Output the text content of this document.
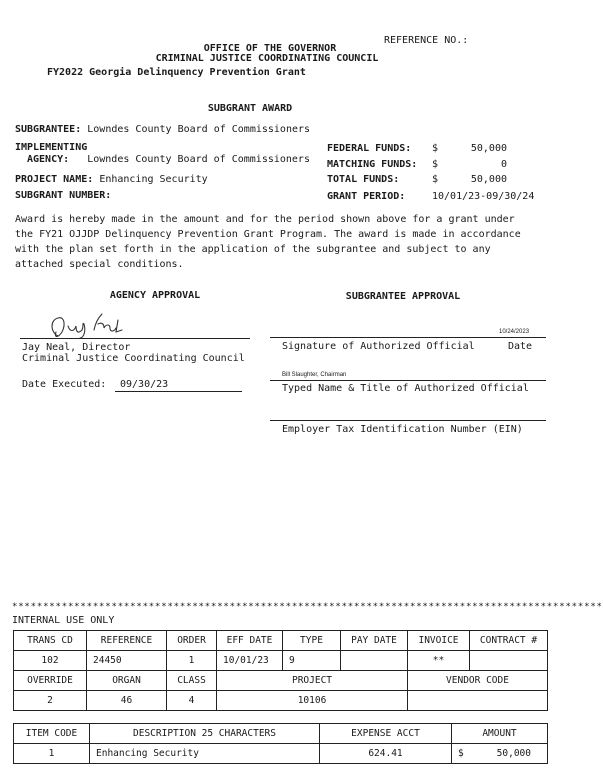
REFERENCE NO.:
OFFICE OF THE GOVERNOR
CRIMINAL JUSTICE COORDINATING COUNCIL
FY2022 Georgia Delinquency Prevention Grant
SUBGRANT AWARD
SUBGRANTEE: Lowndes County Board of Commissioners
IMPLEMENTING
AGENCY: Lowndes County Board of Commissioners
PROJECT NAME: Enhancing Security
SUBGRANT NUMBER:
FEDERAL FUNDS: $	50,000
MATCHING FUNDS: $	0
TOTAL FUNDS:	$	50,000
GRANT PERIOD:	10/01/23-09/30/24
Award is hereby made in the amount and for the period shown above for a grant under the FY21 OJJDP Delinquency Prevention Grant Program. The award is made in accordance with the plan set forth in the application of the subgrantee and subject to any attached special conditions.
AGENCY APPROVAL	SUBGRANTEE APPROVAL
Jay Neal, Director
Criminal Justice Coordinating Council
Date Executed: 09/30/23
10/24/2023
Signature of Authorized Official	Date
Bill Slaughter, Chairman
Typed Name & Title of Authorized Official
Employer Tax Identification Number (EIN)
***********************************************************************************************
INTERNAL USE ONLY
TRANS CD	REFERENCE	ORDER	EFF DATE	TYPE	PAY DATE	INVOICE	CONTRACT #
102	24450	1	10/01/23	9		**	
OVERRIDE	ORGAN	CLASS	PROJECT			VENDOR CODE	
2	46	4	10106				
ITEM CODE	DESCRIPTION 25 CHARACTERS	EXPENSE ACCT	AMOUNT
1	Enhancing Security	624.41	$ 50,000
